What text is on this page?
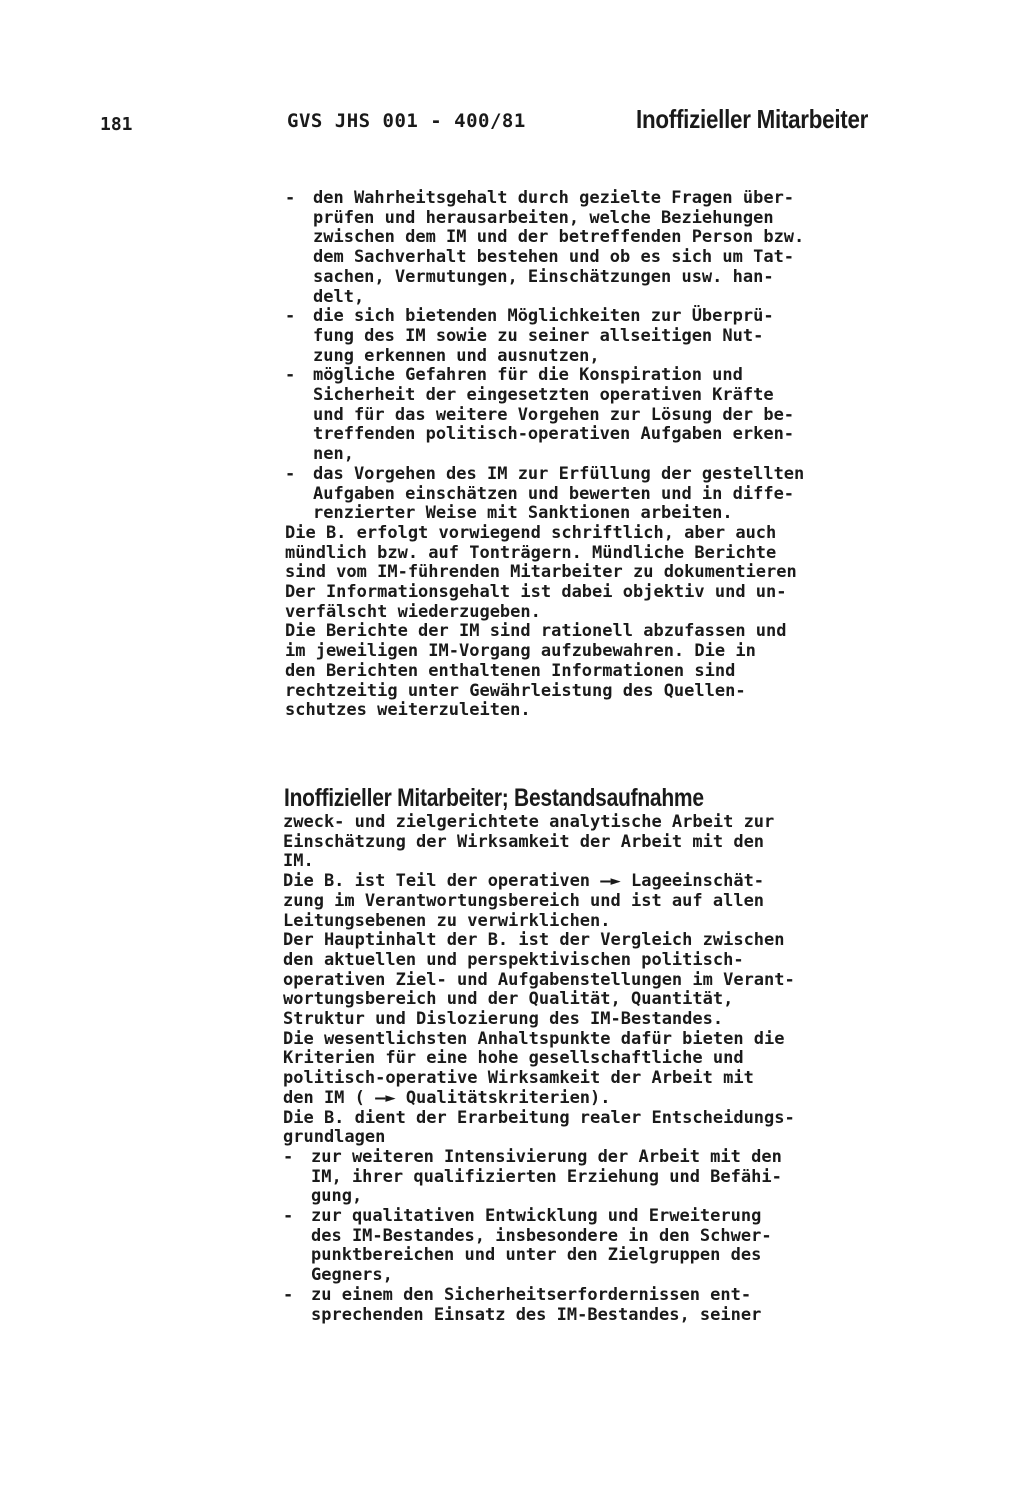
181	GVS JHS 001 - 400/81	Inoffizieller Mitarbeiter
- den Wahrheitsgehalt durch gezielte Fragen über-
prüfen und herausarbeiten, welche Beziehungen
zwischen dem IM und der betreffenden Person bzw.
dem Sachverhalt bestehen und ob es sich um Tat-
sachen, Vermutungen, Einschätzungen usw. han-
delt,
- die sich bietenden Möglichkeiten zur Überprü-
fung des IM sowie zu seiner allseitigen Nut-
zung erkennen und ausnutzen,
- mögliche Gefahren für die Konspiration und
Sicherheit der eingesetzten operativen Kräfte
und für das weitere Vorgehen zur Lösung der be-
treffenden politisch-operativen Aufgaben erken-
nen,
- das Vorgehen des IM zur Erfüllung der gestellten
Aufgaben einschätzen und bewerten und in diffe-
renzierter Weise mit Sanktionen arbeiten.
Die B. erfolgt vorwiegend schriftlich, aber auch
mündlich bzw. auf Tonträgern. Mündliche Berichte
sind vom IM-führenden Mitarbeiter zu dokumentieren
Der Informationsgehalt ist dabei objektiv und un-
verfälscht wiederzugeben.
Die Berichte der IM sind rationell abzufassen und
im jeweiligen IM-Vorgang aufzubewahren. Die in
den Berichten enthaltenen Informationen sind
rechtzeitig unter Gewährleistung des Quellen-
schutzes weiterzuleiten.
Inoffizieller Mitarbeiter; Bestandsaufnahme
zweck- und zielgerichtete analytische Arbeit zur
Einschätzung der Wirksamkeit der Arbeit mit den
IM.
Die B. ist Teil der operativen —► Lageeinschät-
zung im Verantwortungsbereich und ist auf allen
Leitungsebenen zu verwirklichen.
Der Hauptinhalt der B. ist der Vergleich zwischen
den aktuellen und perspektivischen politisch-
operativen Ziel- und Aufgabenstellungen im Verant-
wortungsbereich und der Qualität, Quantität,
Struktur und Dislozierung des IM-Bestandes.
Die wesentlichsten Anhaltspunkte dafür bieten die
Kriterien für eine hohe gesellschaftliche und
politisch-operative Wirksamkeit der Arbeit mit
den IM ( —► Qualitätskriterien).
Die B. dient der Erarbeitung realer Entscheidungs-
grundlagen
- zur weiteren Intensivierung der Arbeit mit den
IM, ihrer qualifizierten Erziehung und Befähi-
gung,
- zur qualitativen Entwicklung und Erweiterung
des IM-Bestandes, insbesondere in den Schwer-
punktbereichen und unter den Zielgruppen des
Gegners,
- zu einem den Sicherheitserfordernissen ent-
sprechenden Einsatz des IM-Bestandes, seiner
